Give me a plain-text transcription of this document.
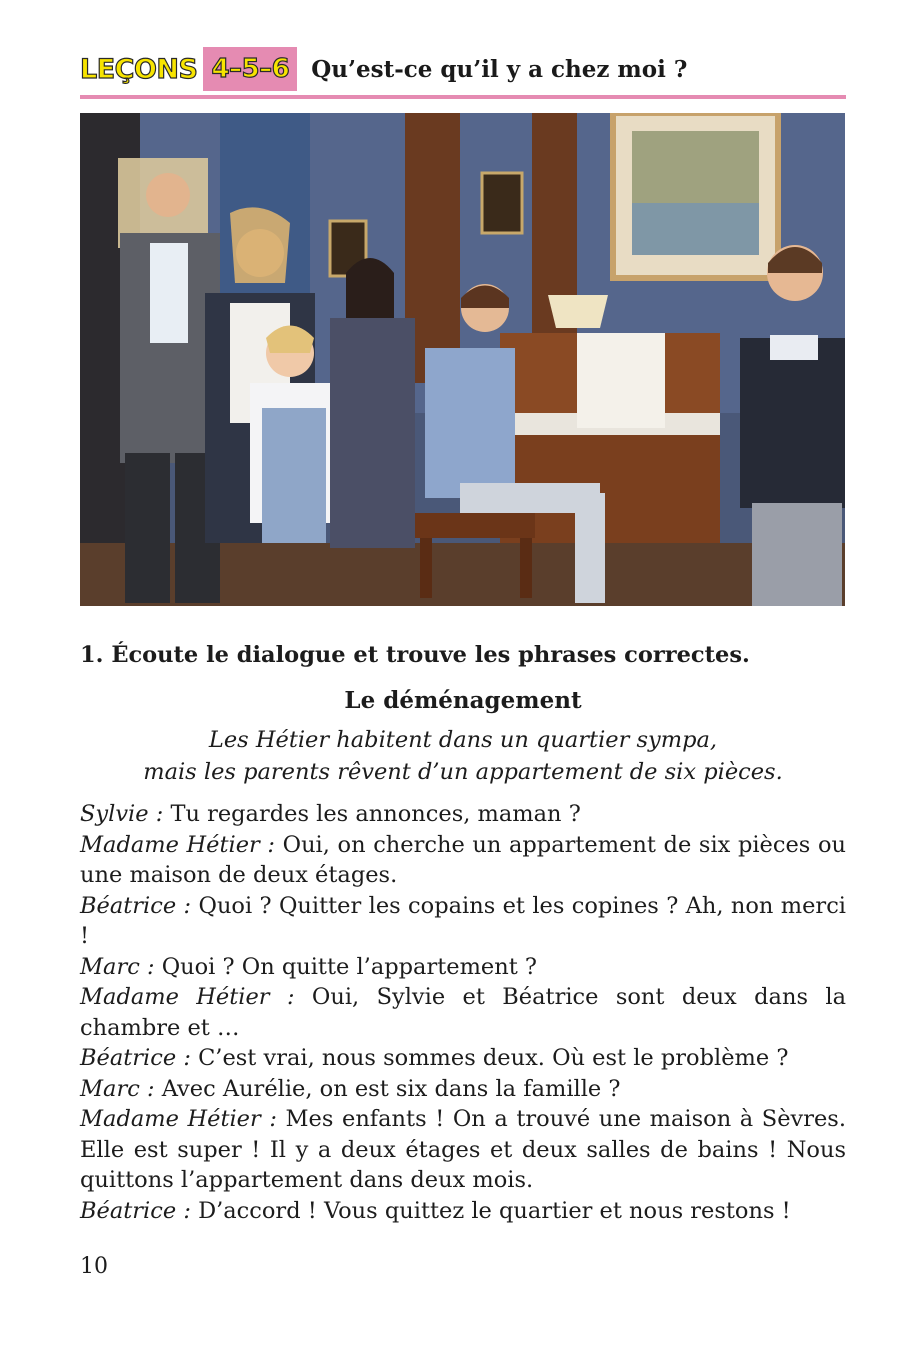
LEÇONS 4–5–6 Qu’est-ce qu’il y a chez moi ?
1. Écoute le dialogue et trouve les phrases correctes.
Le déménagement
Les Hétier habitent dans un quartier sympa,
mais les parents rêvent d’un appartement de six pièces.

Sylvie : Tu regardes les annonces, maman ?

Madame Hétier : Oui, on cherche un appartement de six pièces ou une maison de deux étages.

Béatrice : Quoi ? Quitter les copains et les copines ? Ah, non merci !

Marc : Quoi ? On quitte l’appartement ?

Madame Hétier : Oui, Sylvie et Béatrice sont deux dans la chambre et …

Béatrice : C’est vrai, nous sommes deux. Où est le problème ?

Marc : Avec Aurélie, on est six dans la famille ?

Madame Hétier : Mes enfants ! On a trouvé une maison à Sèvres. Elle est super ! Il y a deux étages et deux salles de bains ! Nous quittons l’appartement dans deux mois.

Béatrice : D’accord ! Vous quittez le quartier et nous restons !

10
